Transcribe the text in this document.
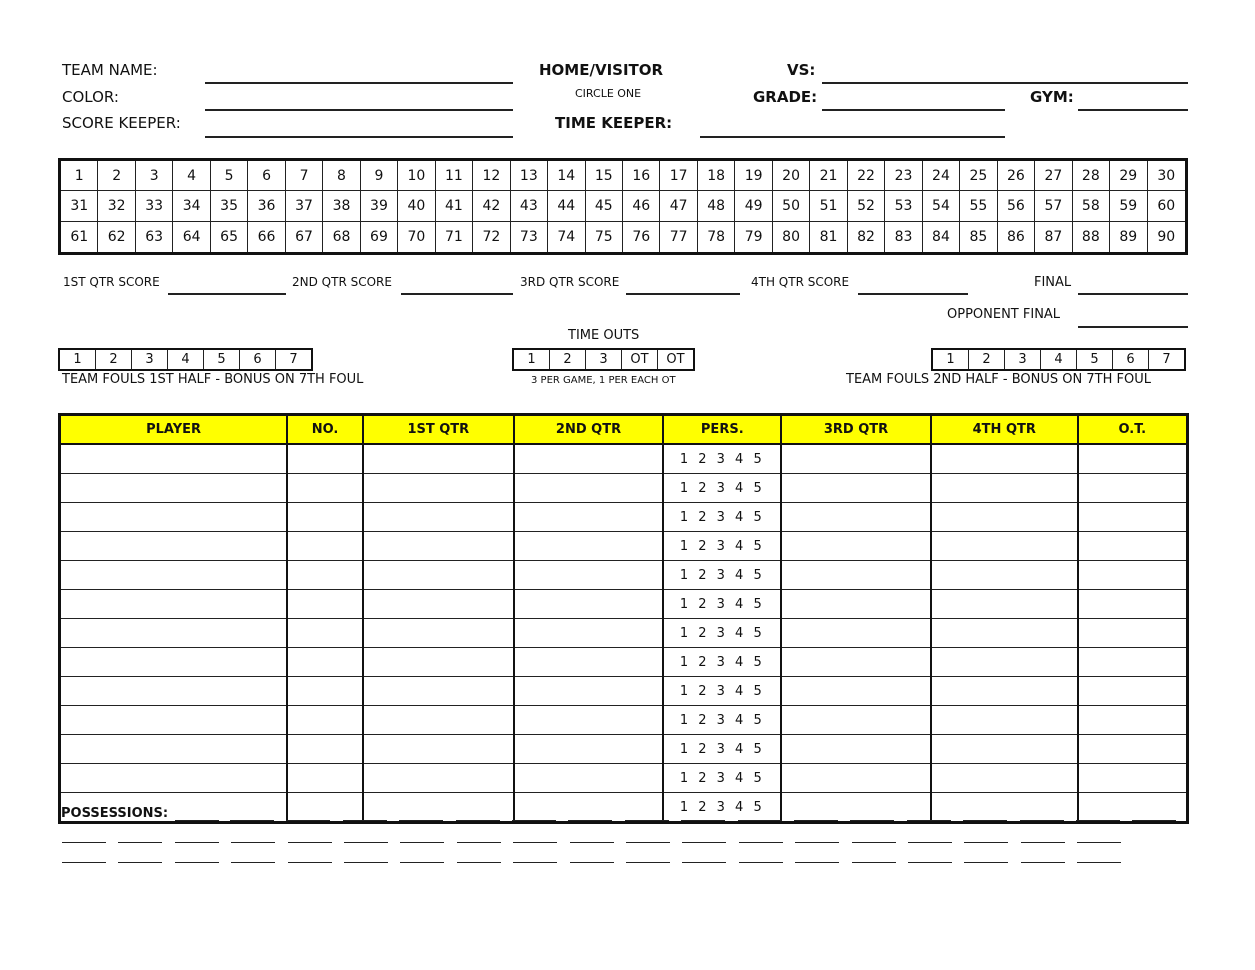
TEAM NAME:
COLOR:
SCORE KEEPER:
HOME/VISITOR
CIRCLE ONE
TIME KEEPER:
VS:
GRADE:	GYM:
1	2	3	4	5	6	7	8	9	10	11	12	13	14	15	16	17	18	19	20	21	22	23	24	25	26	27	28	29	30
31	32	33	34	35	36	37	38	39	40	41	42	43	44	45	46	47	48	49	50	51	52	53	54	55	56	57	58	59	60
61	62	63	64	65	66	67	68	69	70	71	72	73	74	75	76	77	78	79	80	81	82	83	84	85	86	87	88	89	90
1ST QTR SCORE	2ND QTR SCORE	3RD QTR SCORE	4TH QTR SCORE	FINAL
OPPONENT FINAL
1	2	3	4	5	6	7
TEAM FOULS 1ST HALF - BONUS ON 7TH FOUL
TIME OUTS
1	2	3	OT	OT
3 PER GAME, 1 PER EACH OT
1	2	3	4	5	6	7
TEAM FOULS 2ND HALF - BONUS ON 7TH FOUL
PLAYER	NO.	1ST QTR	2ND QTR	PERS.	3RD QTR	4TH QTR	O.T.
				1 2 3 4 5			
				1 2 3 4 5			
				1 2 3 4 5			
				1 2 3 4 5			
				1 2 3 4 5			
				1 2 3 4 5			
				1 2 3 4 5			
				1 2 3 4 5			
				1 2 3 4 5			
				1 2 3 4 5			
				1 2 3 4 5			
				1 2 3 4 5			
				1 2 3 4 5			
POSSESSIONS:
